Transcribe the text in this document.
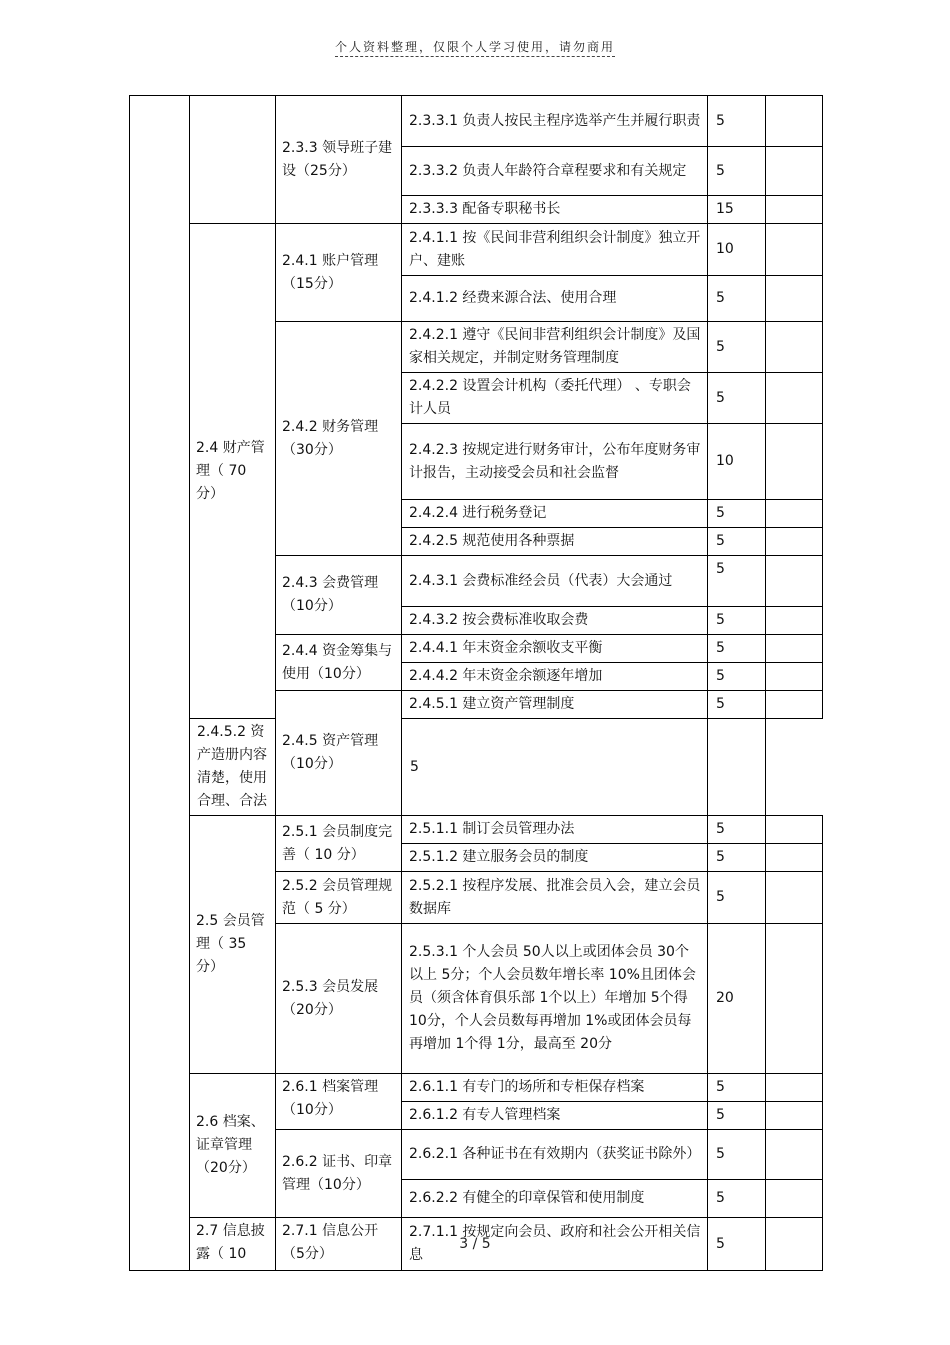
个人资料整理，仅限个人学习使用，请勿商用
		2.3.3 领导班子建设（25分）	2.3.3.1 负责人按民主程序选举产生并履行职责	5	
			2.3.3.2 负责人年龄符合章程要求和有关规定	5	
			2.3.3.3 配备专职秘书长	15	
	2.4 财产管理（ 70 分）	2.4.1 账户管理（15分）	2.4.1.1 按《民间非营利组织会计制度》独立开户、建账	10	
			2.4.1.2 经费来源合法、使用合理	5	
		2.4.2 财务管理（30分）	2.4.2.1 遵守《民间非营利组织会计制度》及国家相关规定，并制定财务管理制度	5	
			2.4.2.2 设置会计机构（委托代理） 、专职会计人员	5	
			2.4.2.3 按规定进行财务审计，公布年度财务审计报告，主动接受会员和社会监督	10	
			2.4.2.4 进行税务登记	5	
			2.4.2.5 规范使用各种票据	5	
		2.4.3 会费管理（10分）	2.4.3.1 会费标准经会员（代表）大会通过	5	
			2.4.3.2 按会费标准收取会费	5	
		2.4.4 资金筹集与使用（10分）	2.4.4.1 年末资金余额收支平衡	5	
			2.4.4.2 年末资金余额逐年增加	5	
		2.4.5 资产管理（10分）	2.4.5.1 建立资产管理制度	5	
	2.4.5.2 资产造册内容清楚，使用合理、合法		5		
	2.5 会员管理（ 35 分）	2.5.1 会员制度完善（ 10 分）	2.5.1.1 制订会员管理办法	5	
			2.5.1.2 建立服务会员的制度	5	
		2.5.2 会员管理规范（ 5 分）	2.5.2.1 按程序发展、批准会员入会，建立会员数据库	5	
		2.5.3 会员发展（20分）	2.5.3.1 个人会员 50人以上或团体会员 30个以上 5分；个人会员数年增长率 10%且团体会员（须含体育俱乐部 1个以上）年增加 5个得 10分，个人会员数每再增加 1%或团体会员每再增加 1个得 1分，最高至 20分	20	
	2.6 档案、证章管理（20分）	2.6.1 档案管理（10分）	2.6.1.1 有专门的场所和专柜保存档案	5	
			2.6.1.2 有专人管理档案	5	
		2.6.2 证书、印章管理（10分）	2.6.2.1 各种证书在有效期内（获奖证书除外）	5	
			2.6.2.2 有健全的印章保管和使用制度	5	
	2.7 信息披露（ 10	2.7.1 信息公开（5分）	2.7.1.1 按规定向会员、政府和社会公开相关信息	5	
3 / 5
